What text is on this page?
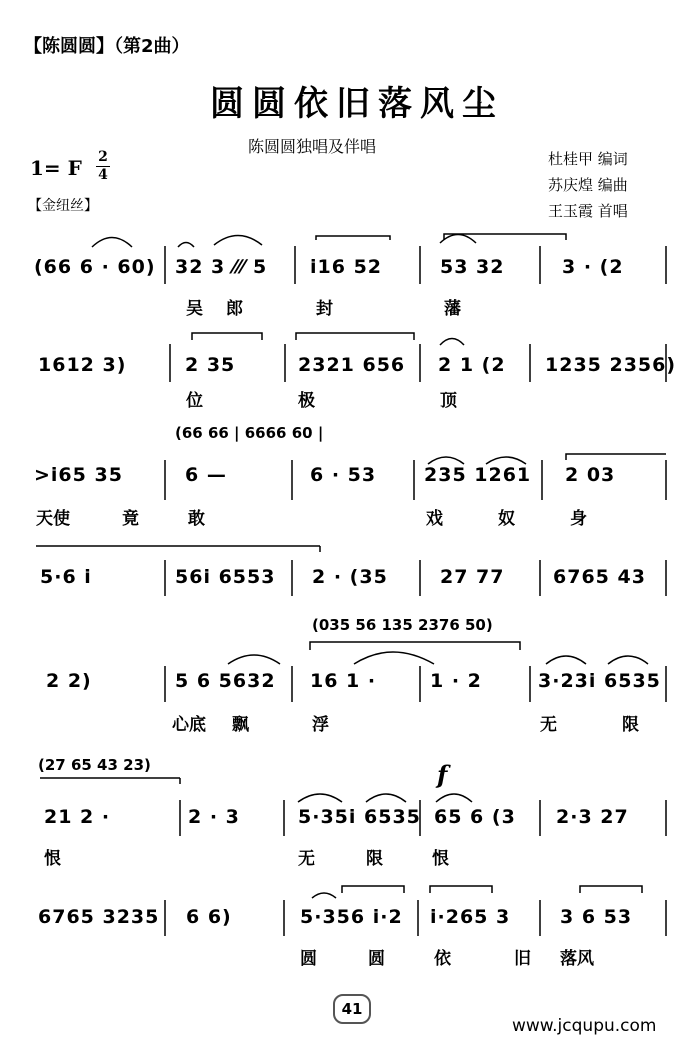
【陈圆圆】（第2曲）
圆圆依旧落风尘
陈圆圆独唱及伴唱
杜桂甲 编词
苏庆煌 编曲
王玉霞 首唱
1= F 2
4
【金纽丝】
(66 6 · 60) 32 3 ⁄⁄⁄ 5 i16 52	53 32	3 · (2
吴 郎	封	藩
1612 3)	2 35	2321 656 2 1 (2 1235 2356)
位	极	顶
(66 66 | 6666 60 |
>i65 35	6 —	6 · 53	235 1261 2 03
天使	竟	敢	戏	奴	身
5·6 i	56i 6553 2 · (35	27 77	6765 43
(035 56 135 2376 50)
2 2)	5 6 5632 16 1 ·	1 · 2	3·23i 6535
心底 飘	浮	无	限
(27 65 43 23)	f
21 2 ·	2 · 3	5·35i 6535 65 6 (3 2·3 27
恨	无	限	恨
6765 3235 6 6)	5·356 i·2 i·265 3	3 6 53
圆	圆	依	旧 落风
41
www.jcqupu.com
